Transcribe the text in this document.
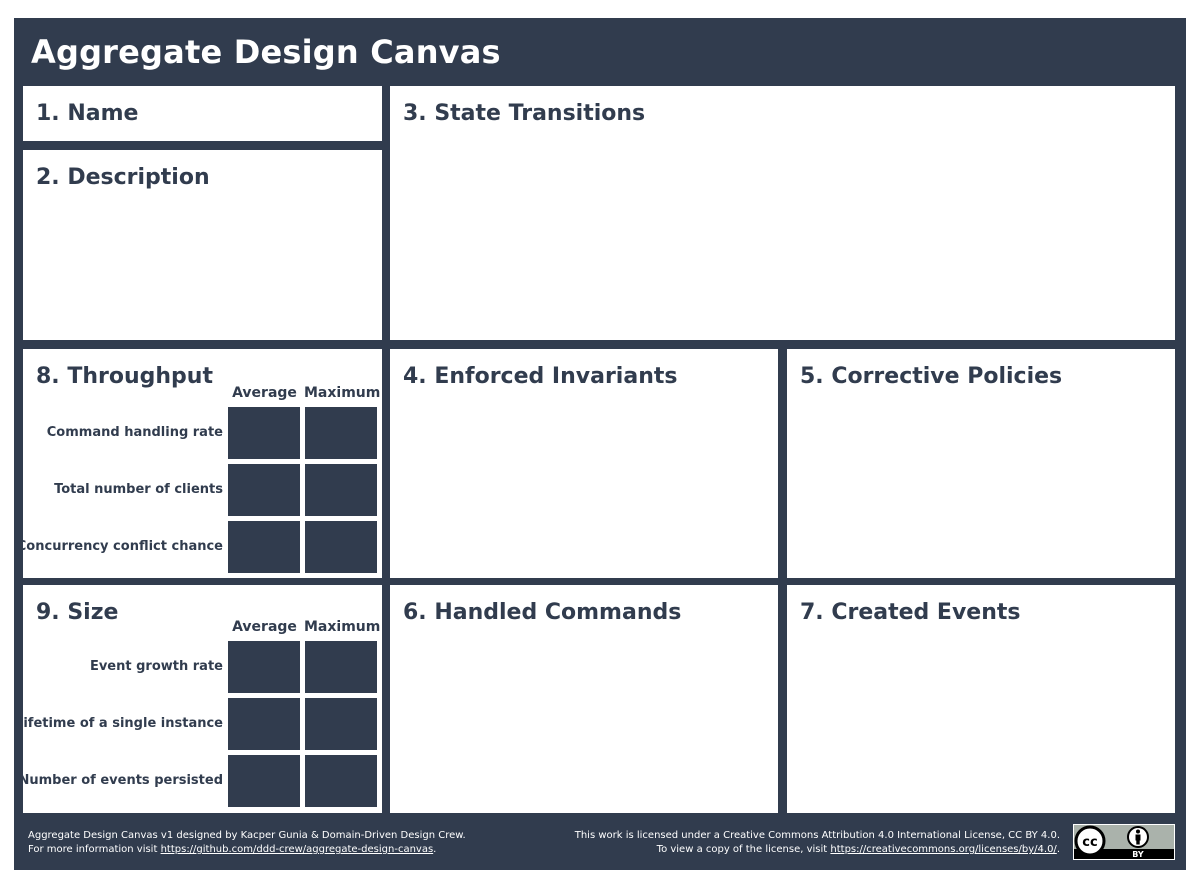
Aggregate Design Canvas
1. Name
2. Description
3. State Transitions
8. Throughput
Average Maximum
Command handling rate
Total number of clients
Concurrency conflict chance
4. Enforced Invariants	5. Corrective Policies
9. Size
Average Maximum
Event growth rate
Lifetime of a single instance
Number of events persisted
6. Handled Commands	7. Created Events
Aggregate Design Canvas v1 designed by Kacper Gunia & Domain-Driven Design Crew.
For more information visit https://github.com/ddd-crew/aggregate-design-canvas.
This work is licensed under a Creative Commons Attribution 4.0 International License, CC BY 4.0.
To view a copy of the license, visit https://creativecommons.org/licenses/by/4.0/. cc
BY
